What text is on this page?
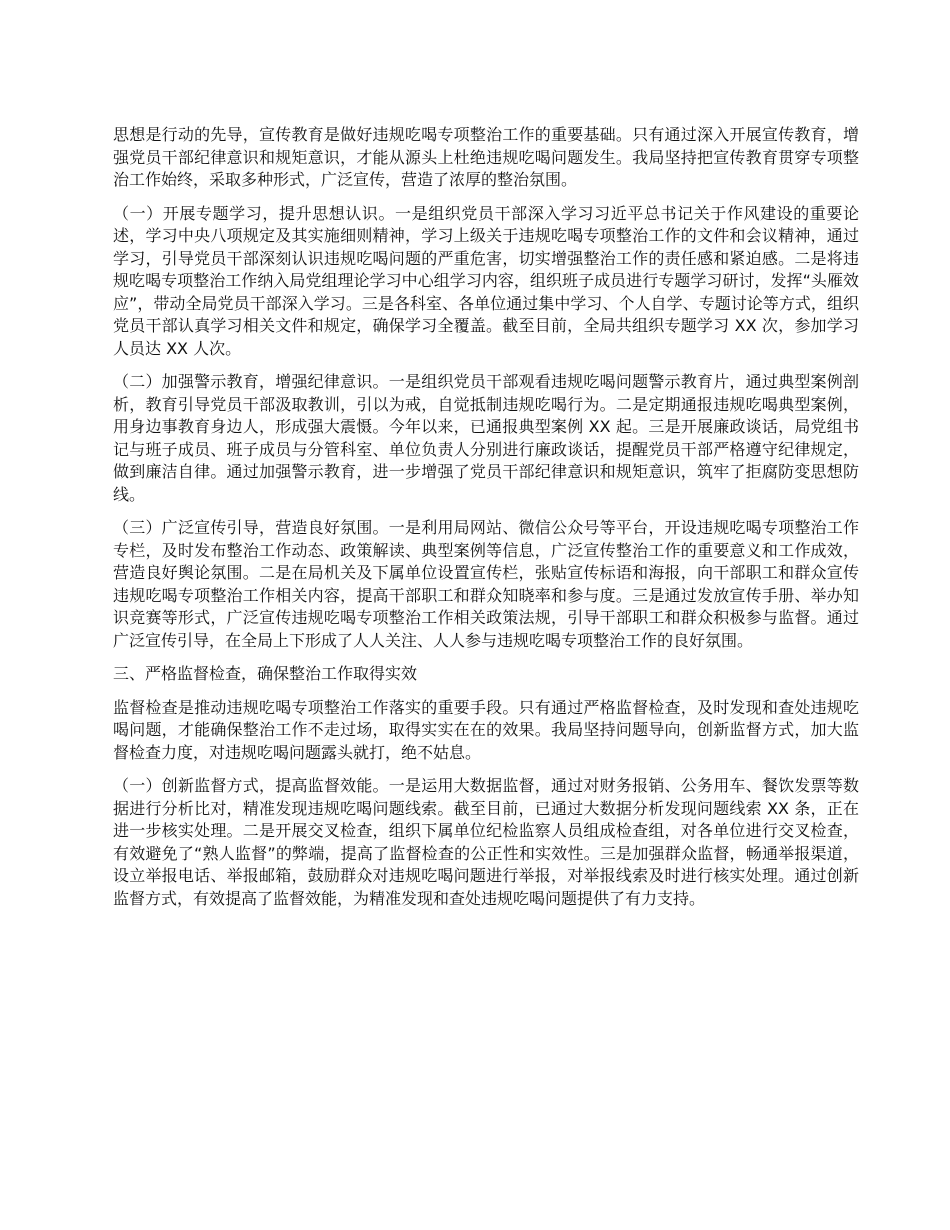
思想是行动的先导，宣传教育是做好违规吃喝专项整治工作的重要基础。只有通过深入开展宣传教育，增强党员干部纪律意识和规矩意识，才能从源头上杜绝违规吃喝问题发生。我局坚持把宣传教育贯穿专项整治工作始终，采取多种形式，广泛宣传，营造了浓厚的整治氛围。

（一）开展专题学习，提升思想认识。一是组织党员干部深入学习习近平总书记关于作风建设的重要论述，学习中央八项规定及其实施细则精神，学习上级关于违规吃喝专项整治工作的文件和会议精神，通过学习，引导党员干部深刻认识违规吃喝问题的严重危害，切实增强整治工作的责任感和紧迫感。二是将违规吃喝专项整治工作纳入局党组理论学习中心组学习内容，组织班子成员进行专题学习研讨，发挥“头雁效应”，带动全局党员干部深入学习。三是各科室、各单位通过集中学习、个人自学、专题讨论等方式，组织党员干部认真学习相关文件和规定，确保学习全覆盖。截至目前，全局共组织专题学习 XX 次，参加学习人员达 XX 人次。

（二）加强警示教育，增强纪律意识。一是组织党员干部观看违规吃喝问题警示教育片，通过典型案例剖析，教育引导党员干部汲取教训，引以为戒，自觉抵制违规吃喝行为。二是定期通报违规吃喝典型案例，用身边事教育身边人，形成强大震慑。今年以来，已通报典型案例 XX 起。三是开展廉政谈话，局党组书记与班子成员、班子成员与分管科室、单位负责人分别进行廉政谈话，提醒党员干部严格遵守纪律规定，做到廉洁自律。通过加强警示教育，进一步增强了党员干部纪律意识和规矩意识，筑牢了拒腐防变思想防线。

（三）广泛宣传引导，营造良好氛围。一是利用局网站、微信公众号等平台，开设违规吃喝专项整治工作专栏，及时发布整治工作动态、政策解读、典型案例等信息，广泛宣传整治工作的重要意义和工作成效，营造良好舆论氛围。二是在局机关及下属单位设置宣传栏，张贴宣传标语和海报，向干部职工和群众宣传违规吃喝专项整治工作相关内容，提高干部职工和群众知晓率和参与度。三是通过发放宣传手册、举办知识竞赛等形式，广泛宣传违规吃喝专项整治工作相关政策法规，引导干部职工和群众积极参与监督。通过广泛宣传引导，在全局上下形成了人人关注、人人参与违规吃喝专项整治工作的良好氛围。

三、严格监督检查，确保整治工作取得实效

监督检查是推动违规吃喝专项整治工作落实的重要手段。只有通过严格监督检查，及时发现和查处违规吃喝问题，才能确保整治工作不走过场，取得实实在在的效果。我局坚持问题导向，创新监督方式，加大监督检查力度，对违规吃喝问题露头就打，绝不姑息。

（一）创新监督方式，提高监督效能。一是运用大数据监督，通过对财务报销、公务用车、餐饮发票等数据进行分析比对，精准发现违规吃喝问题线索。截至目前，已通过大数据分析发现问题线索 XX 条，正在进一步核实处理。二是开展交叉检查，组织下属单位纪检监察人员组成检查组，对各单位进行交叉检查，有效避免了“熟人监督”的弊端，提高了监督检查的公正性和实效性。三是加强群众监督，畅通举报渠道，设立举报电话、举报邮箱，鼓励群众对违规吃喝问题进行举报，对举报线索及时进行核实处理。通过创新监督方式，有效提高了监督效能，为精准发现和查处违规吃喝问题提供了有力支持。
